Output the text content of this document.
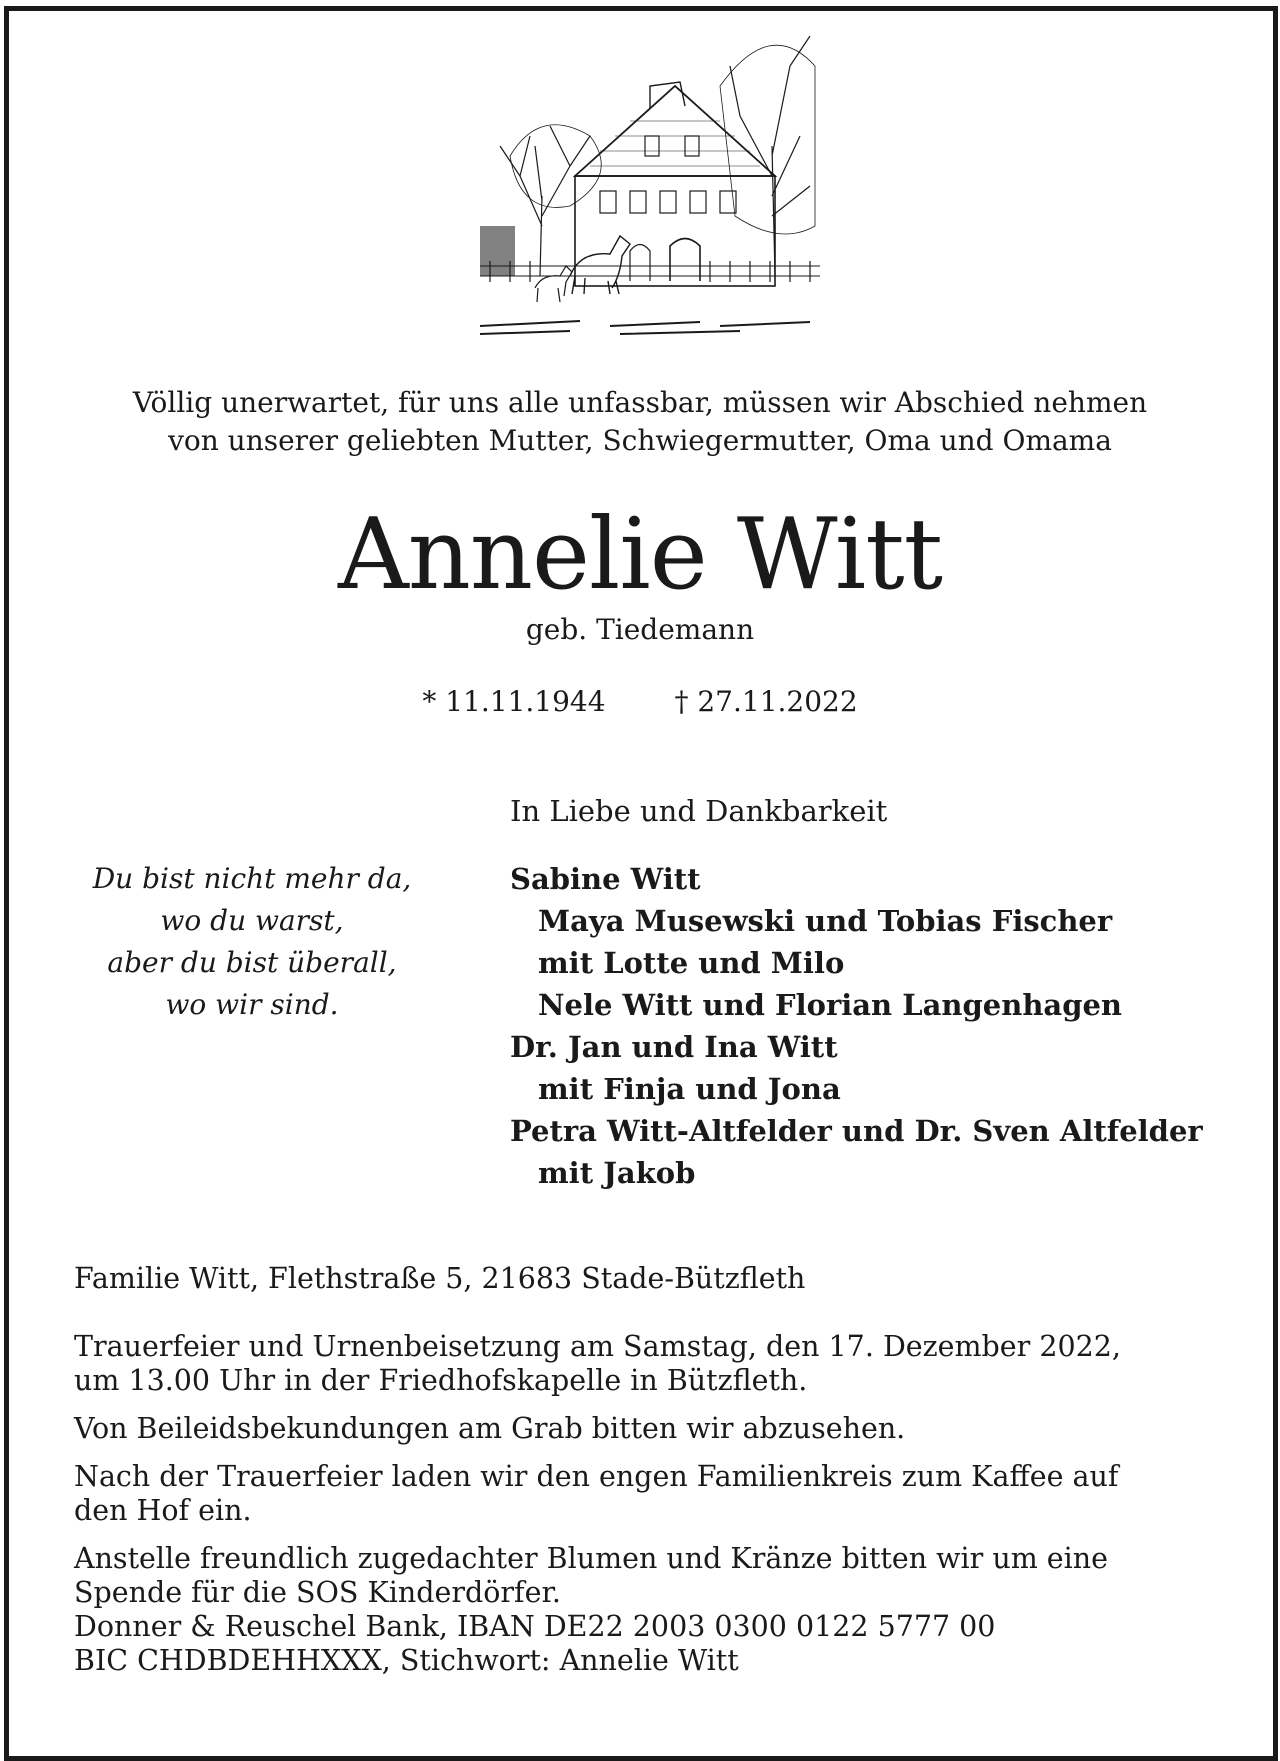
Völlig unerwartet, für uns alle unfassbar, müssen wir Abschied nehmen
von unserer geliebten Mutter, Schwiegermutter, Oma und Omama
Annelie Witt
geb. Tiedemann
* 11.11.1944 † 27.11.2022
In Liebe und Dankbarkeit
Du bist nicht mehr da,
wo du warst,
aber du bist überall,
wo wir sind.
Sabine Witt
Maya Musewski und Tobias Fischer
mit Lotte und Milo
Nele Witt und Florian Langenhagen
Dr. Jan und Ina Witt
mit Finja und Jona
Petra Witt-Altfelder und Dr. Sven Altfelder
mit Jakob
Familie Witt, Flethstraße 5, 21683 Stade-Bützfleth

Trauerfeier und Urnenbeisetzung am Samstag, den 17. Dezember 2022,
um 13.00 Uhr in der Friedhofskapelle in Bützfleth.

Von Beileidsbekundungen am Grab bitten wir abzusehen.

Nach der Trauerfeier laden wir den engen Familienkreis zum Kaffee auf
den Hof ein.

Anstelle freundlich zugedachter Blumen und Kränze bitten wir um eine
Spende für die SOS Kinderdörfer.
Donner & Reuschel Bank, IBAN DE22 2003 0300 0122 5777 00
BIC CHDBDEHHXXX, Stichwort: Annelie Witt
